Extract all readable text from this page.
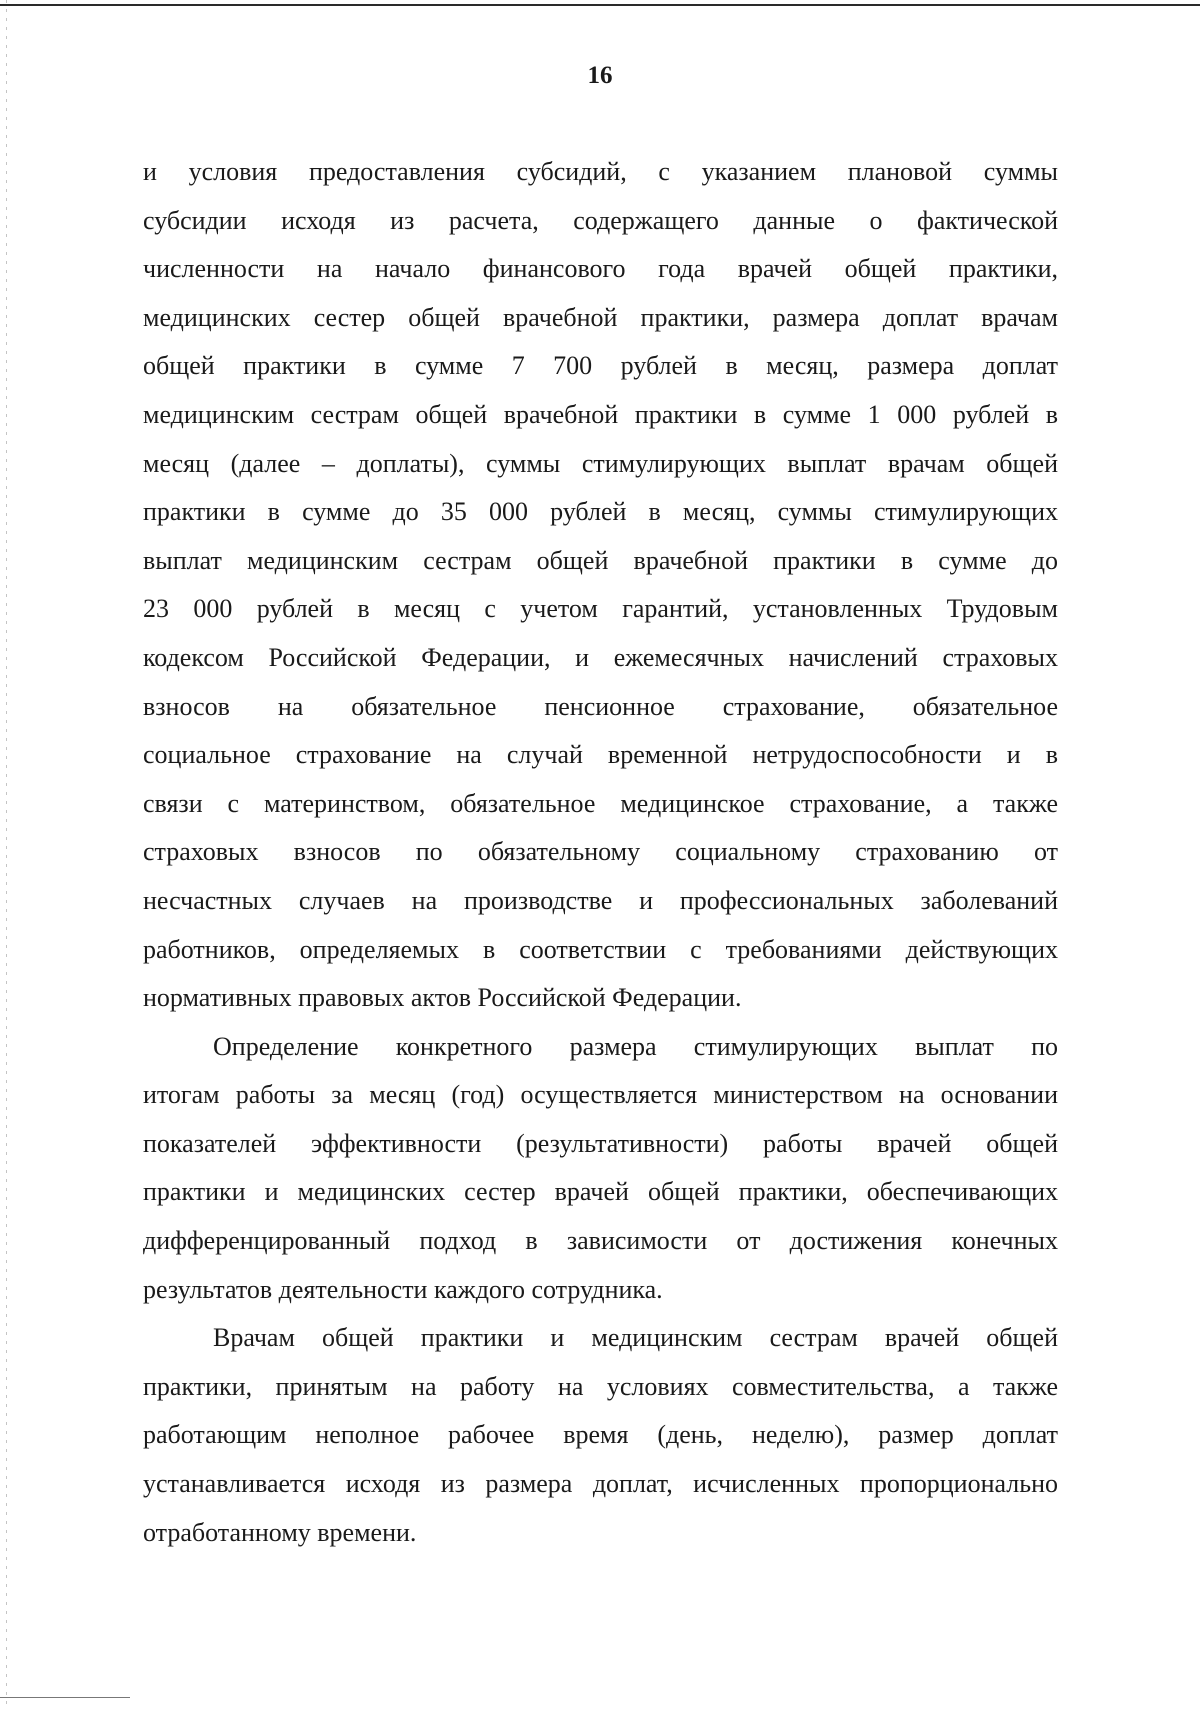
16

и условия предоставления субсидий, с указанием плановой суммы
субсидии исходя из расчета, содержащего данные о фактической
численности на начало финансового года врачей общей практики,
медицинских сестер общей врачебной практики, размера доплат врачам
общей практики в сумме 7 700 рублей в месяц, размера доплат
медицинским сестрам общей врачебной практики в сумме 1 000 рублей в
месяц (далее – доплаты), суммы стимулирующих выплат врачам общей
практики в сумме до 35 000 рублей в месяц, суммы стимулирующих
выплат медицинским сестрам общей врачебной практики в сумме до
23 000 рублей в месяц с учетом гарантий, установленных Трудовым
кодексом Российской Федерации, и ежемесячных начислений страховых
взносов на обязательное пенсионное страхование, обязательное
социальное страхование на случай временной нетрудоспособности и в
связи с материнством, обязательное медицинское страхование, а также
страховых взносов по обязательному социальному страхованию от
несчастных случаев на производстве и профессиональных заболеваний
работников, определяемых в соответствии с требованиями действующих
нормативных правовых актов Российской Федерации.

Определение конкретного размера стимулирующих выплат по
итогам работы за месяц (год) осуществляется министерством на основании
показателей эффективности (результативности) работы врачей общей
практики и медицинских сестер врачей общей практики, обеспечивающих
дифференцированный подход в зависимости от достижения конечных
результатов деятельности каждого сотрудника.

Врачам общей практики и медицинским сестрам врачей общей
практики, принятым на работу на условиях совместительства, а также
работающим неполное рабочее время (день, неделю), размер доплат
устанавливается исходя из размера доплат, исчисленных пропорционально
отработанному времени.
